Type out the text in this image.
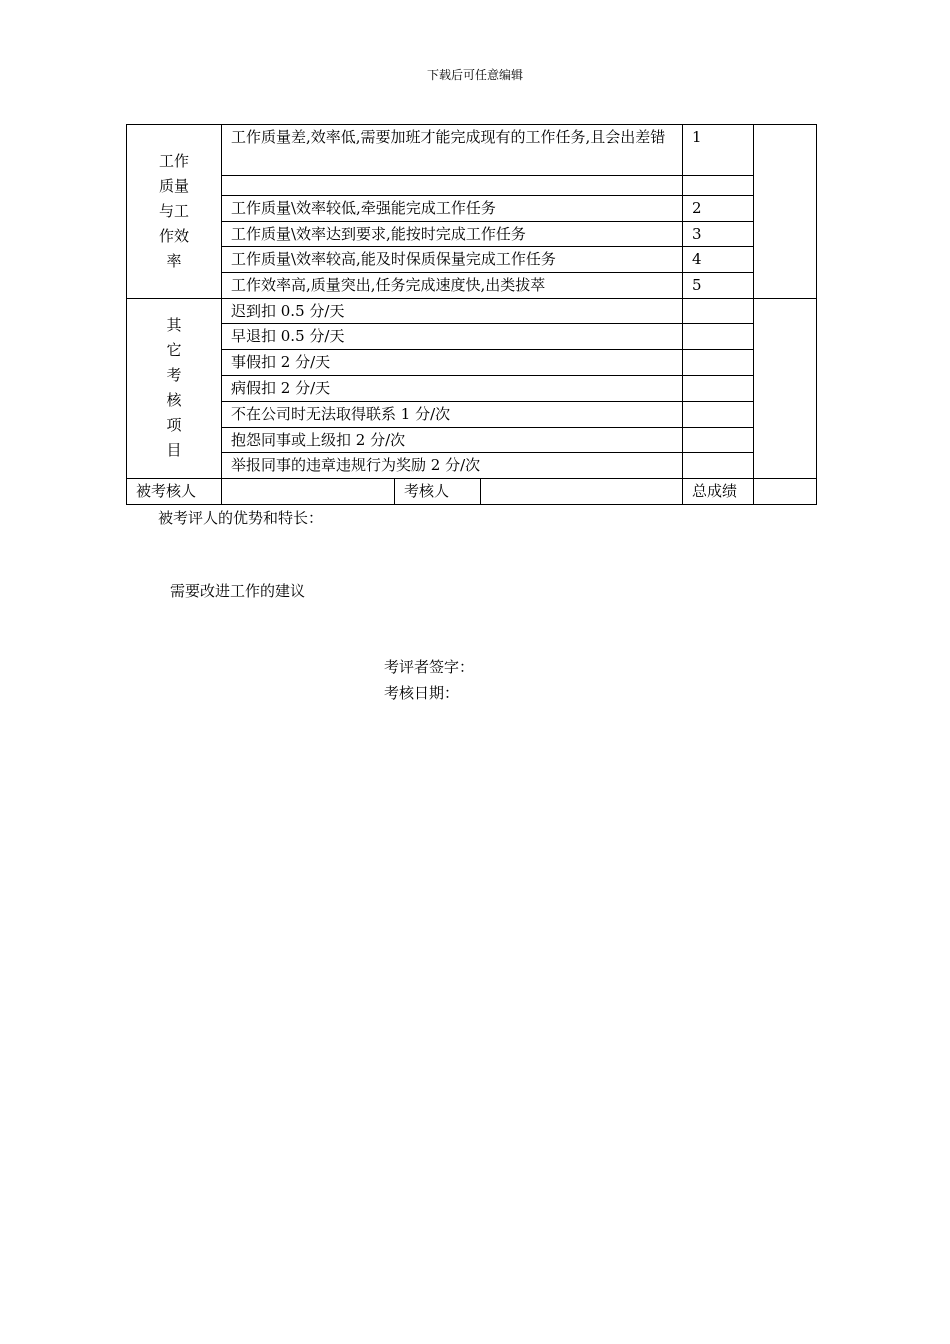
下载后可任意编辑
工作质量与工作效率	工作质量差,效率低,需要加班才能完成现有的工作任务,且会出差错			1	

	工作质量\效率较低,牵强能完成工作任务			2	
	工作质量\效率达到要求,能按时完成工作任务			3	
	工作质量\效率较高,能及时保质保量完成工作任务			4	
	工作效率高,质量突出,任务完成速度快,出类拔萃			5	
其它考核项目	迟到扣 0.5 分/天				
	早退扣 0.5 分/天				
	事假扣 2 分/天				
	病假扣 2 分/天				
	不在公司时无法取得联系 1 分/次				
	抱怨同事或上级扣 2 分/次				
	举报同事的违章违规行为奖励 2 分/次				
被考核人		考核人		总成绩	
被考评人的优势和特长：
需要改进工作的建议
考评者签字：
考核日期：
